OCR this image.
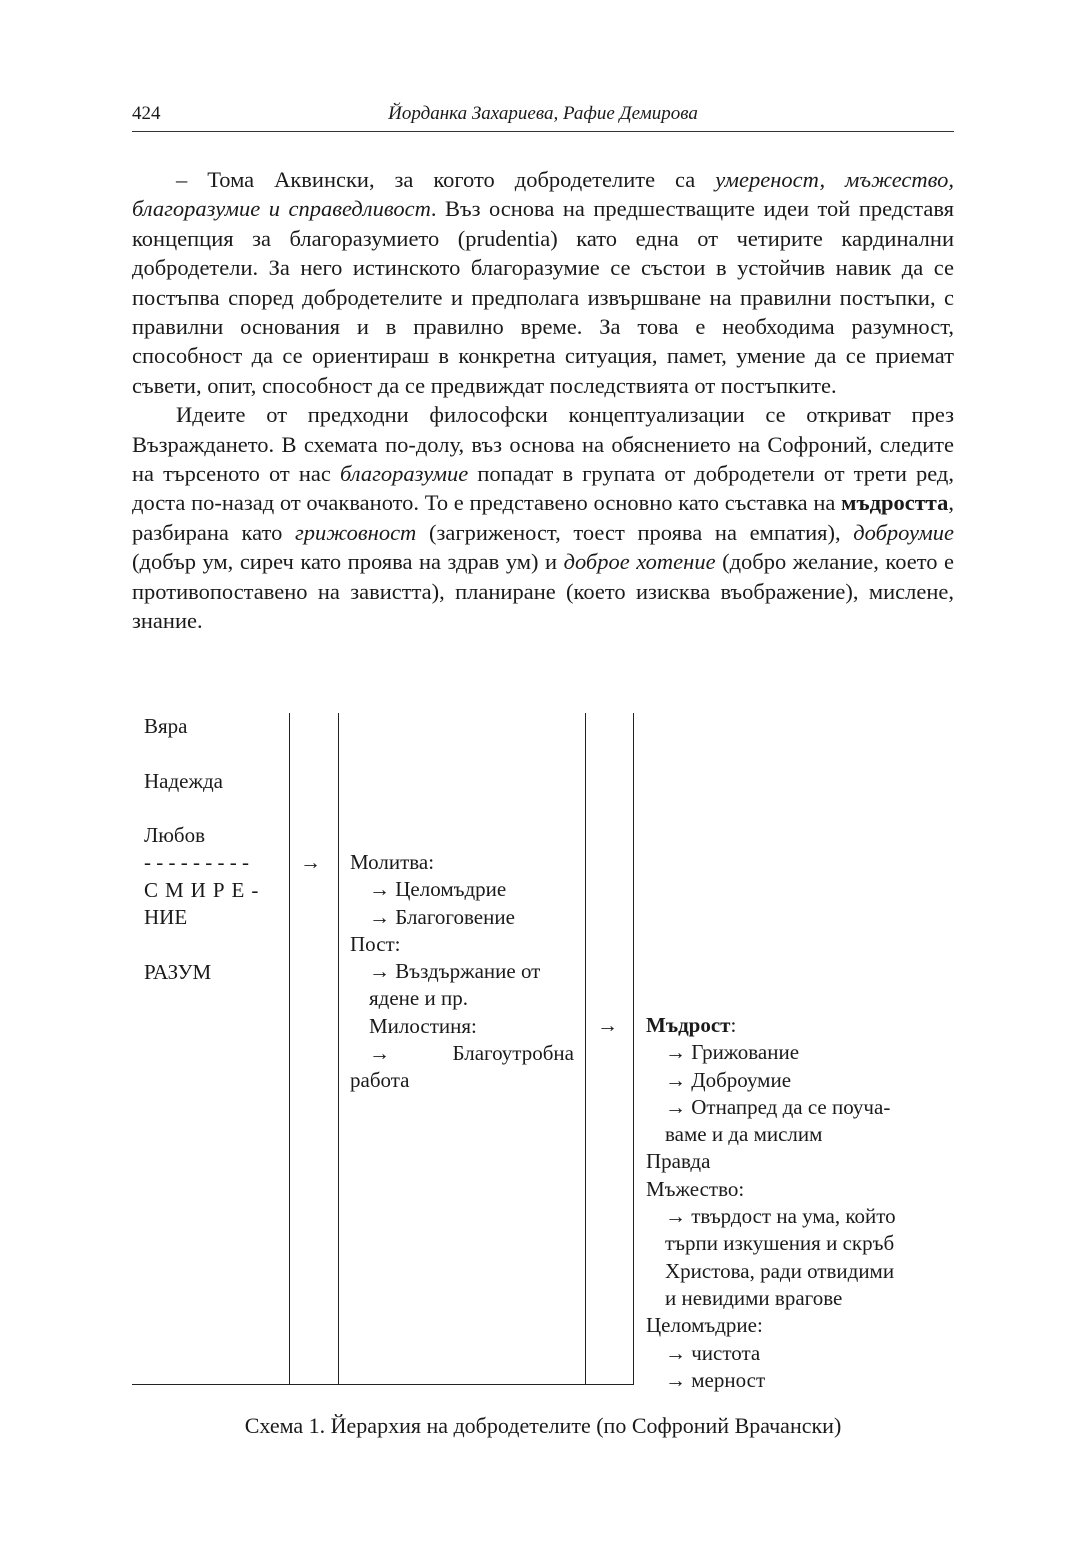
424	Йорданка Захариева, Рафие Демирова

– Тома Аквински, за когото добродетелите са умереност, мъжество, благоразумие и справедливост. Въз основа на предшестващите идеи той представя концепция за благоразумието (prudentia) като една от четирите кардинални добродетели. За него истинското благоразумие се състои в устойчив навик да се постъпва според добродетелите и предполага извършване на правилни постъпки, с правилни основания и в правилно време. За това е необходима разумност, способност да се ориентираш в конкретна ситуация, памет, умение да се приемат съвети, опит, способност да се предвиждат последствията от постъпките.

Идеите от предходни философски концептуализации се откриват през Възраждането. В схемата по-долу, въз основа на обяснението на Софроний, следите на търсеното от нас благоразумие попадат в групата от добродетели от трети ред, доста по-назад от очакваното. То е представено основно като съставка на мъдростта, разбирана като грижовност (загриженост, тоест проява на емпатия), доброумие (добър ум, сиреч като проява на здрав ум) и доброе хотение (добро желание, което е противопоставено на завистта), планиране (което изисква въображение), мислене, знание.

Вяра
Надежда
Любов
- - - - - - - - -
СМИРЕ-
НИЕ
РАЗУМ
→ Молитва:
→ Целомъдрие
→ Благоговение
Пост:
→ Въздържание от
ядене и пр.
Милостиня:
→	Благоутробна
работа
→ Мъдрост:
→ Грижование
→ Доброумие
→ Отнапред да се поуча-
ваме и да мислим
Правда
Мъжество:
→ твърдост на ума, който
търпи изкушения и скръб
Христова, ради отвидими
и невидими врагове
Целомъдрие:
→ чистота
→ мерност
Схема 1. Йерархия на добродетелите (по Софроний Врачански)
